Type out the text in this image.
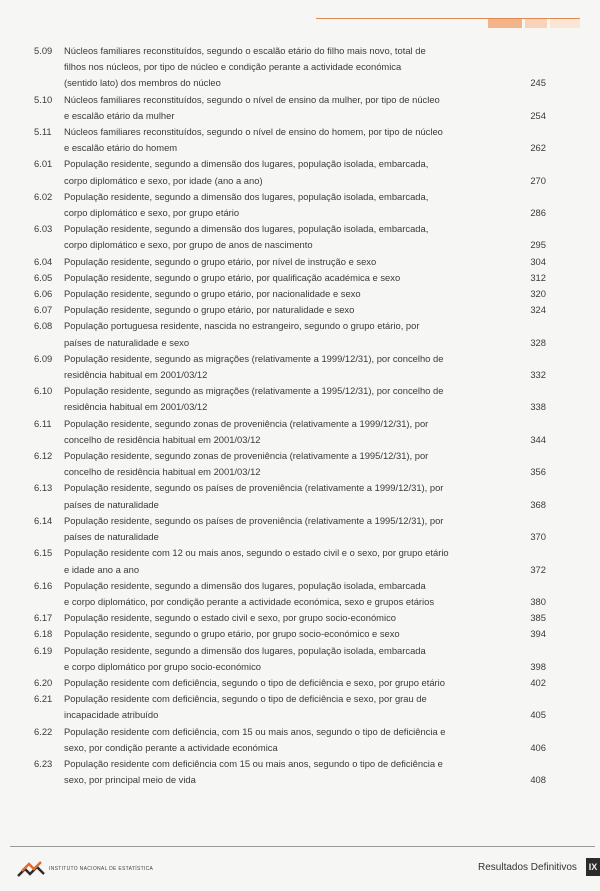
5.09	Núcleos familiares reconstituídos, segundo o escalão etário do filho mais novo, total de
filhos nos núcleos, por tipo de núcleo e condição perante a actividade económica
(sentido lato) dos membros do núcleo	245
5.10	Núcleos familiares reconstituídos, segundo o nível de ensino da mulher, por tipo de núcleo
e escalão etário da mulher	254
5.11	Núcleos familiares reconstituídos, segundo o nível de ensino do homem, por tipo de núcleo
e escalão etário do homem	262
6.01	População residente, segundo a dimensão dos lugares, população isolada, embarcada,
corpo diplomático e sexo, por idade (ano a ano)	270
6.02	População residente, segundo a dimensão dos lugares, população isolada, embarcada,
corpo diplomático e sexo, por grupo etário	286
6.03	População residente, segundo a dimensão dos lugares, população isolada, embarcada,
corpo diplomático e sexo, por grupo de anos de nascimento	295
6.04	População residente, segundo o grupo etário, por nível de instrução e sexo	304
6.05	População residente, segundo o grupo etário, por qualificação académica e sexo	312
6.06	População residente, segundo o grupo etário, por nacionalidade e sexo	320
6.07	População residente, segundo o grupo etário, por naturalidade e sexo	324
6.08	População portuguesa residente, nascida no estrangeiro, segundo o grupo etário, por
países de naturalidade e sexo	328
6.09	População residente, segundo as migrações (relativamente a 1999/12/31), por concelho de
residência habitual em 2001/03/12	332
6.10	População residente, segundo as migrações (relativamente a 1995/12/31), por concelho de
residência habitual em 2001/03/12	338
6.11	População residente, segundo zonas de proveniência (relativamente a 1999/12/31), por
concelho de residência habitual em 2001/03/12	344
6.12	População residente, segundo zonas de proveniência (relativamente a 1995/12/31), por
concelho de residência habitual em 2001/03/12	356
6.13	População residente, segundo os países de proveniência (relativamente a 1999/12/31), por
países de naturalidade	368
6.14	População residente, segundo os países de proveniência (relativamente a 1995/12/31), por
países de naturalidade	370
6.15	População residente com 12 ou mais anos, segundo o estado civil e o sexo, por grupo etário
e idade ano a ano	372
6.16	População residente, segundo a dimensão dos lugares, população isolada, embarcada
e corpo diplomático, por condição perante a actividade económica, sexo e grupos etários	380
6.17	População residente, segundo o estado civil e sexo, por grupo socio-económico	385
6.18	População residente, segundo o grupo etário, por grupo socio-económico e sexo	394
6.19	População residente, segundo a dimensão dos lugares, população isolada, embarcada
e corpo diplomático por grupo socio-económico	398
6.20	População residente com deficiência, segundo o tipo de deficiência e sexo, por grupo etário	402
6.21	População residente com deficiência, segundo o tipo de deficiência e sexo, por grau de
incapacidade atribuído	405
6.22	População residente com deficiência, com 15 ou mais anos, segundo o tipo de deficiência e
sexo, por condição perante a actividade económica	406
6.23	População residente com deficiência com 15 ou mais anos, segundo o tipo de deficiência e
sexo, por principal meio de vida	408
INSTITUTO NACIONAL DE ESTATÍSTICA	Resultados Definitivos	IX
